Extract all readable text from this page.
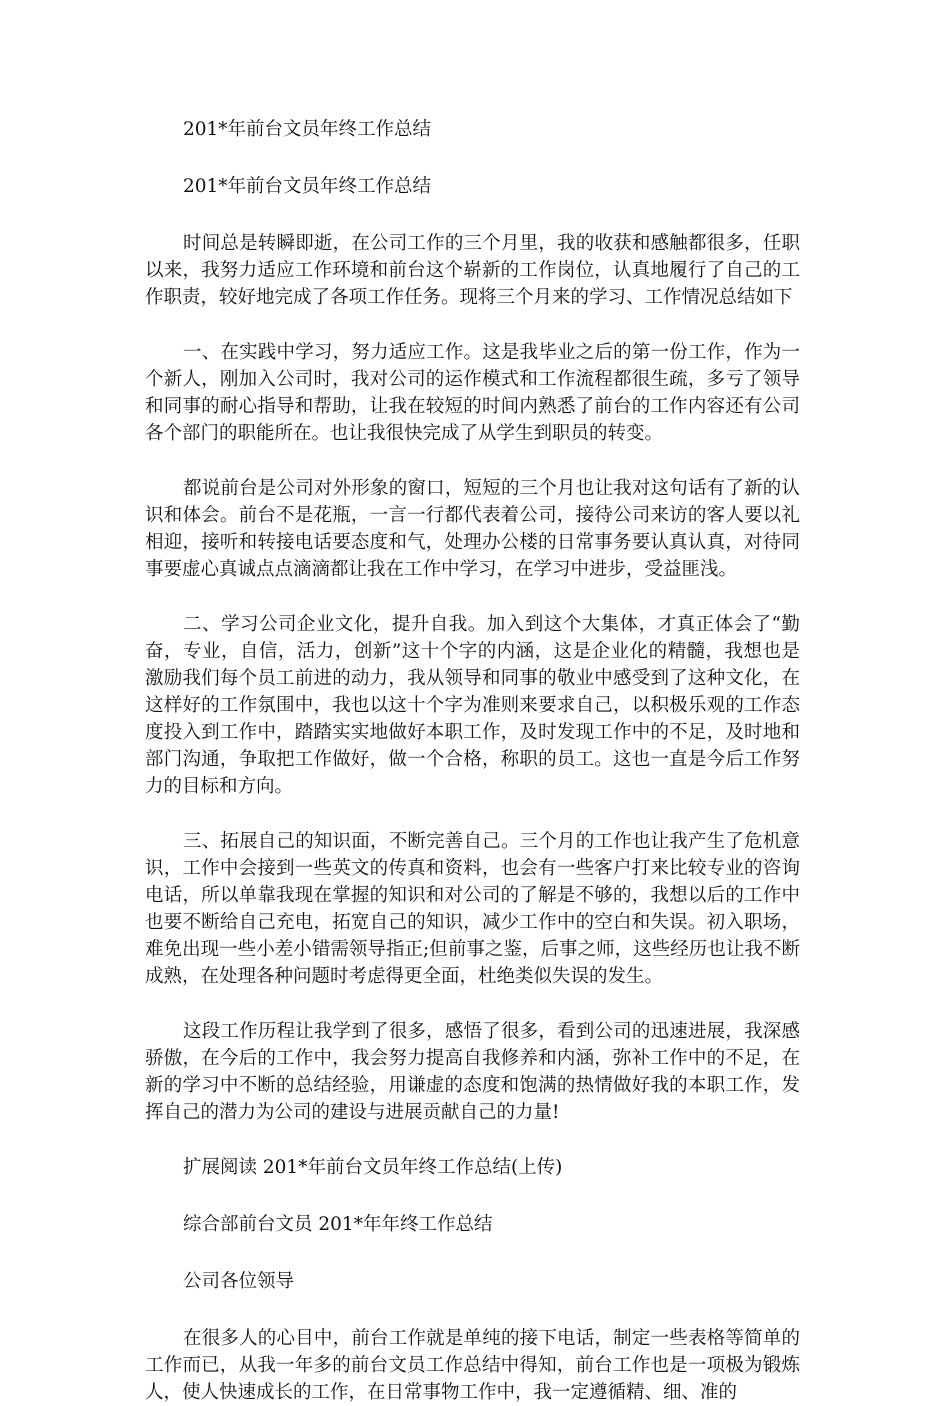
201*年前台文员年终工作总结

201*年前台文员年终工作总结

时间总是转瞬即逝，在公司工作的三个月里，我的收获和感触都很多，任职以来，我努力适应工作环境和前台这个崭新的工作岗位，认真地履行了自己的工作职责，较好地完成了各项工作任务。现将三个月来的学习、工作情况总结如下

一、在实践中学习，努力适应工作。这是我毕业之后的第一份工作，作为一个新人，刚加入公司时，我对公司的运作模式和工作流程都很生疏，多亏了领导和同事的耐心指导和帮助，让我在较短的时间内熟悉了前台的工作内容还有公司各个部门的职能所在。也让我很快完成了从学生到职员的转变。

都说前台是公司对外形象的窗口，短短的三个月也让我对这句话有了新的认识和体会。前台不是花瓶，一言一行都代表着公司，接待公司来访的客人要以礼相迎，接听和转接电话要态度和气，处理办公楼的日常事务要认真认真，对待同事要虚心真诚点点滴滴都让我在工作中学习，在学习中进步，受益匪浅。

二、学习公司企业文化，提升自我。加入到这个大集体，才真正体会了“勤奋，专业，自信，活力，创新”这十个字的内涵，这是企业化的精髓，我想也是激励我们每个员工前进的动力，我从领导和同事的敬业中感受到了这种文化，在这样好的工作氛围中，我也以这十个字为准则来要求自己，以积极乐观的工作态度投入到工作中，踏踏实实地做好本职工作，及时发现工作中的不足，及时地和部门沟通，争取把工作做好，做一个合格，称职的员工。这也一直是今后工作努力的目标和方向。

三、拓展自己的知识面，不断完善自己。三个月的工作也让我产生了危机意识，工作中会接到一些英文的传真和资料，也会有一些客户打来比较专业的咨询电话，所以单靠我现在掌握的知识和对公司的了解是不够的，我想以后的工作中也要不断给自己充电，拓宽自己的知识，减少工作中的空白和失误。初入职场，难免出现一些小差小错需领导指正;但前事之鉴，后事之师，这些经历也让我不断成熟，在处理各种问题时考虑得更全面，杜绝类似失误的发生。

这段工作历程让我学到了很多，感悟了很多，看到公司的迅速进展，我深感骄傲，在今后的工作中，我会努力提高自我修养和内涵，弥补工作中的不足，在新的学习中不断的总结经验，用谦虚的态度和饱满的热情做好我的本职工作，发挥自己的潜力为公司的建设与进展贡献自己的力量!

扩展阅读 201*年前台文员年终工作总结(上传)

综合部前台文员 201*年年终工作总结

公司各位领导

在很多人的心目中，前台工作就是单纯的接下电话，制定一些表格等简单的工作而已，从我一年多的前台文员工作总结中得知，前台工作也是一项极为锻炼人，使人快速成长的工作，在日常事物工作中，我一定遵循精、细、准的
